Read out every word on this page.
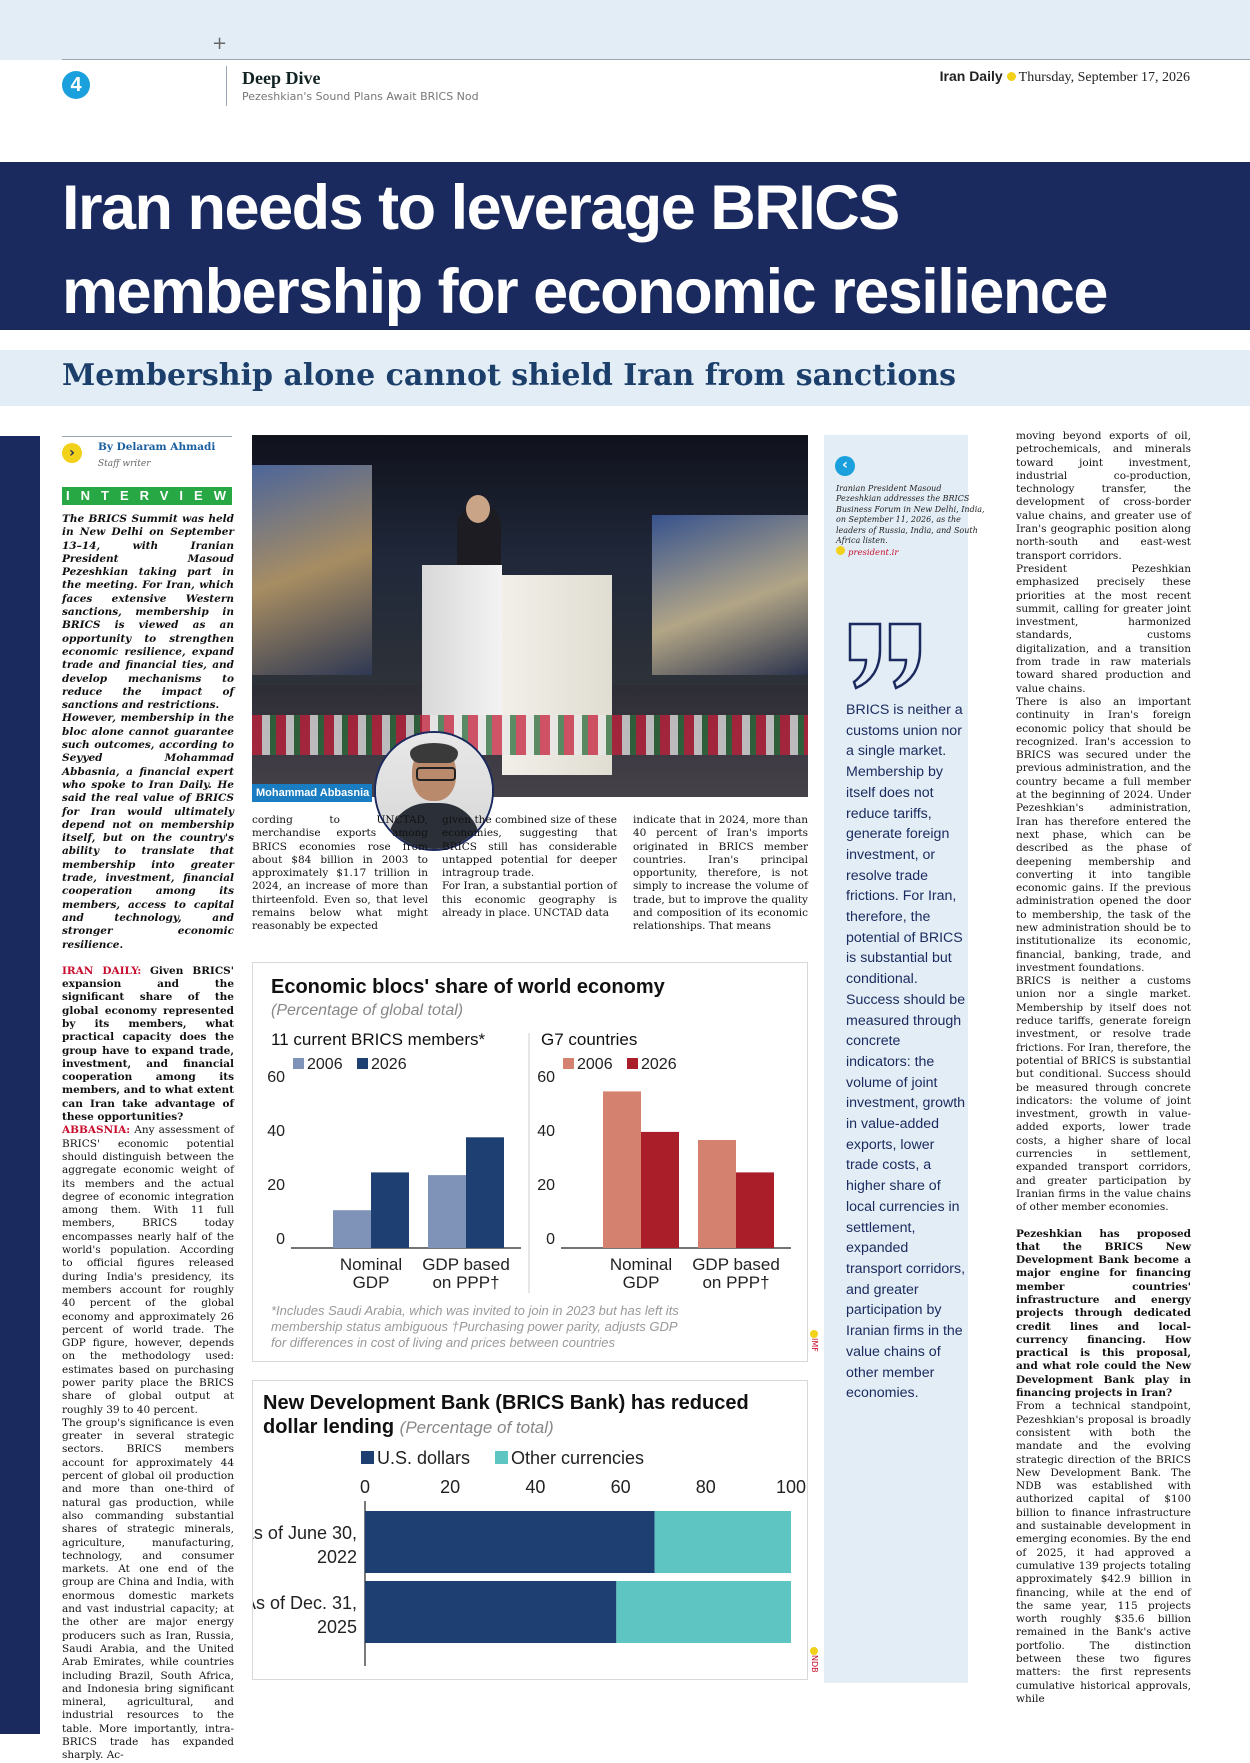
+
4	Deep Dive
Pezeshkian's Sound Plans Await BRICS Nod
Iran Daily Thursday, September 17, 2026
Iran needs to leverage BRICS membership for economic resilience
Membership alone cannot shield Iran from sanctions
›	By Delaram Ahmadi
Staff writer
INTERVIEW

The BRICS Summit was held in New Delhi on September 13–14, with Iranian President Masoud Pezeshkian taking part in the meeting. For Iran, which faces extensive Western sanctions, membership in BRICS is viewed as an opportunity to strengthen economic resilience, expand trade and financial ties, and develop mechanisms to reduce the impact of sanctions and restrictions.

However, membership in the bloc alone cannot guarantee such outcomes, according to Seyyed Mohammad Abbasnia, a financial expert who spoke to Iran Daily. He said the real value of BRICS for Iran would ultimately depend not on membership itself, but on the country's ability to translate that membership into greater trade, investment, financial cooperation among its members, access to capital and technology, and stronger economic resilience.

IRAN DAILY: Given BRICS' expansion and the significant share of the global economy represented by its members, what practical capacity does the group have to expand trade, investment, and financial cooperation among its members, and to what extent can Iran take advantage of these opportunities?

ABBASNIA: Any assessment of BRICS' economic potential should distinguish between the aggregate economic weight of its members and the actual degree of economic integration among them. With 11 full members, BRICS today encompasses nearly half of the world's population. According to official figures released during India's presidency, its members account for roughly 40 percent of the global economy and approximately 26 percent of world trade. The GDP figure, however, depends on the methodology used: estimates based on purchasing power parity place the BRICS share of global output at roughly 39 to 40 percent.

The group's significance is even greater in several strategic sectors. BRICS members account for approximately 44 percent of global oil production and more than one-third of natural gas production, while also commanding substantial shares of strategic minerals, agriculture, manufacturing, technology, and consumer markets. At one end of the group are China and India, with enormous domestic markets and vast industrial capacity; at the other are major energy producers such as Iran, Russia, Saudi Arabia, and the United Arab Emirates, while countries including Brazil, South Africa, and Indonesia bring significant mineral, agricultural, and industrial resources to the table. More importantly, intra-BRICS trade has expanded sharply. Ac-

Mohammad Abbasnia

cording to UNCTAD, merchandise exports among BRICS economies rose from about $84 billion in 2003 to approximately $1.17 trillion in 2024, an increase of more than thirteenfold. Even so, that level remains below what might reasonably be expected

given the combined size of these economies, suggesting that BRICS still has considerable untapped potential for deeper intragroup trade.

For Iran, a substantial portion of this economic geography is already in place. UNCTAD data

indicate that in 2024, more than 40 percent of Iran's imports originated in BRICS member countries. Iran's principal opportunity, therefore, is not simply to increase the volume of trade, but to improve the quality and composition of its economic relationships. That means

Economic blocs' share of world economy
(Percentage of global total)
11 current BRICS members*
2006 2026
0
20
40
60
Nominal
GDP
GDP based
on PPP†
G7 countries
2006 2026
0
20
40
60
Nominal
GDP
GDP based
on PPP†
*Includes Saudi Arabia, which was invited to join in 2023 but has left its
membership status ambiguous †Purchasing power parity, adjusts GDP
for differences in cost of living and prices between countries	IMF
New Development Bank (BRICS Bank) has reduced
dollar lending (Percentage of total)
U.S. dollars Other currencies
0	20	40	60	80	100
As of June 30,
2022
As of Dec. 31,
2025
NDB
‹
Iranian President Masoud Pezeshkian addresses the BRICS Business Forum in New Delhi, India, on September 11, 2026, as the leaders of Russia, India, and South Africa listen.
president.ir
BRICS is neither a customs union nor a single market. Membership by itself does not reduce tariffs, generate foreign investment, or resolve trade frictions. For Iran, therefore, the potential of BRICS is substantial but conditional. Success should be measured through concrete indicators: the volume of joint investment, growth in value-added exports, lower trade costs, a higher share of local currencies in settlement, expanded transport corridors, and greater participation by Iranian firms in the value chains of other member economies.

moving beyond exports of oil, petrochemicals, and minerals toward joint investment, industrial co-production, technology transfer, the development of cross-border value chains, and greater use of Iran's geographic position along north-south and east-west transport corridors.

President Pezeshkian emphasized precisely these priorities at the most recent summit, calling for greater joint investment, harmonized standards, customs digitalization, and a transition from trade in raw materials toward shared production and value chains.

There is also an important continuity in Iran's foreign economic policy that should be recognized. Iran's accession to BRICS was secured under the previous administration, and the country became a full member at the beginning of 2024. Under Pezeshkian's administration, Iran has therefore entered the next phase, which can be described as the phase of deepening membership and converting it into tangible economic gains. If the previous administration opened the door to membership, the task of the new administration should be to institutionalize its economic, financial, banking, trade, and investment foundations.

BRICS is neither a customs union nor a single market. Membership by itself does not reduce tariffs, generate foreign investment, or resolve trade frictions. For Iran, therefore, the potential of BRICS is substantial but conditional. Success should be measured through concrete indicators: the volume of joint investment, growth in value-added exports, lower trade costs, a higher share of local currencies in settlement, expanded transport corridors, and greater participation by Iranian firms in the value chains of other member economies.

Pezeshkian has proposed that the BRICS New Development Bank become a major engine for financing member countries' infrastructure and energy projects through dedicated credit lines and local-currency financing. How practical is this proposal, and what role could the New Development Bank play in financing projects in Iran?

From a technical standpoint, Pezeshkian's proposal is broadly consistent with both the mandate and the evolving strategic direction of the BRICS New Development Bank. The NDB was established with authorized capital of $100 billion to finance infrastructure and sustainable development in emerging economies. By the end of 2025, it had approved a cumulative 139 projects totaling approximately $42.9 billion in financing, while at the end of the same year, 115 projects worth roughly $35.6 billion remained in the Bank's active portfolio. The distinction between these two figures matters: the first represents cumulative historical approvals, while
